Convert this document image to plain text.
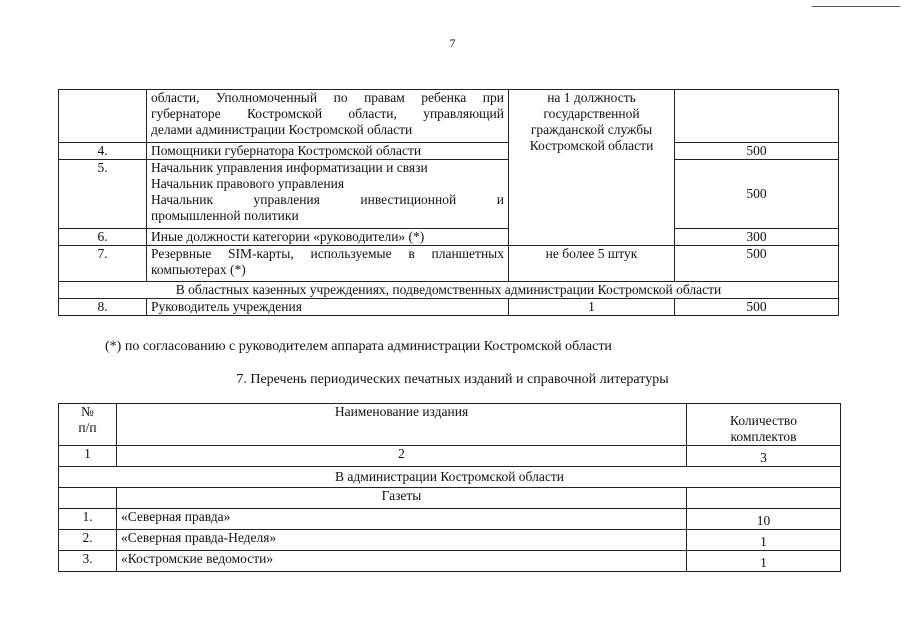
7

	области, Уполномоченный по правам ребенка при
губернаторе Костромской области, управляющий
делами администрации Костромской области	на 1 должность
государственной
гражданской службы
Костромской области	

4.	Помощники губернатора Костромской области		500
5.	Начальник управления информатизации и связи
Начальник правового управления
Начальник управления инвестиционной и
промышленной политики		500
6.	Иные должности категории «руководители» (*)		300
7.	Резервные SIM-карты, используемые в планшетных
компьютерах (*)	не более 5 штук	500
В областных казенных учреждениях, подведомственных администрации Костромской области			
8.	Руководитель учреждения	1	500
(*) по согласованию с руководителем аппарата администрации Костромской области
7. Перечень периодических печатных изданий и справочной литературы
№
п/п	Наименование издания	Количество
комплектов

1	2	3
В администрации Костромской области		
	Газеты	
1.	«Северная правда»	10
2.	«Северная правда-Неделя»	1
3.	«Костромские ведомости»	1
